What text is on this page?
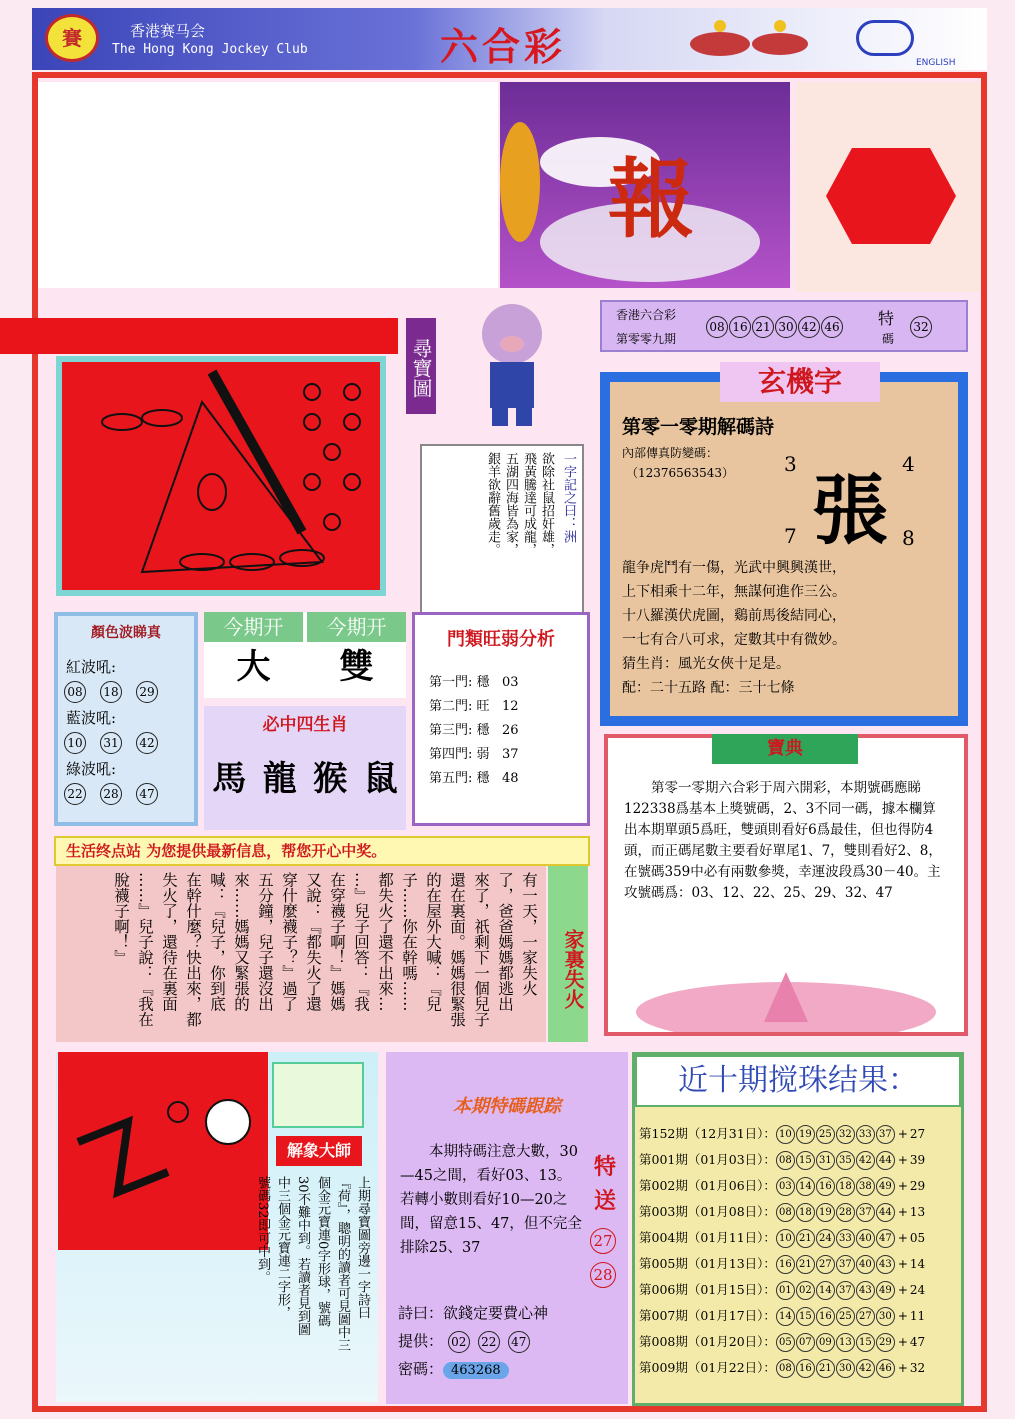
賽	香港赛马会
The Hong Kong Jockey Club	六合彩	ENGLISH
報
尋寶圖
一字記之曰：洲
欲除社鼠招奸雄，
飛黃騰達可成龍，
五湖四海皆為家，
銀羊欲辭舊歲走。
香港六合彩
第零零九期
08 16 21 30 42 46 特
碼
32
玄機字
第零一零期解碼詩
內部傳真防變碼：
（12376563543） 張
3	4
7	8
龍争虎鬥有一傷，光武中興興漢世，
上下相乘十二年，無謀何進作三公。
十八羅漢伏虎圖，鷄前馬後結同心，
一七有合八可求，定數其中有微妙。
猜生肖：風光女俠十足是。
配：二十五路 配：三十七條
顏色波睇真
紅波吼:
08 18 29
藍波吼:
10 31 42
綠波吼:
22 28 47
今期开
大
今期开
雙
必中四生肖
馬 龍 猴 鼠
門類旺弱分析
第一門: 穩 03
第二門: 旺 12
第三門: 穩 26
第四門: 弱 37
第五門: 穩 48
生活终点站 为您提供最新信息，帮您开心中奖。
有一天，一家失火
了，爸爸媽媽都逃出
來了，祇剩下一個兒子
還在裏面。媽媽很緊張
的在屋外大喊：『兒
子……你在幹嗎……
都失火了還不出來…
…』兒子回答：『我
在穿襪子啊！』媽媽
又說：『都失火了還
穿什麼襪子？』過了
五分鐘，兒子還沒出
來……媽媽又緊張的
喊：『兒子，你到底
在幹什麼？快出來，都
失火了，還待在裏面
……』兒子說：『我在
脫襪子啊！』
家裏失火
第零一零期六合彩于周六開彩，本期號碼應睇122338爲基本上獎號碼，2、3不同一碼，據本欄算出本期單頭5爲旺，雙頭則看好6爲最佳，但也得防4頭，而正碼尾數主要看好單尾1、7，雙則看好2、8，在號碼359中必有兩數參獎，幸運波段爲30－40。主攻號碼爲：03、12、22、25、29、32、47
寶典
解象大師
上期尋寶圖旁邊一字詩曰
『荷』，聰明的讀者可見圖中三
個金元寶連0字形球，號碼
30不難中到。若讀者見到圖
中三個金元寶連二字形，
號碼32即可中到。
本期特碼跟踪
本期特碼注意大數，30—45之間，看好03、13。若轉小數則看好10—20之間，留意15、47，但不完全排除25、37
特
送
27
28
詩曰：欲錢定要費心神
提供： 02 22 47
密碼： 463268
近十期搅珠结果：
第152期（12月31日）： 10 19 25 32 33 37 + 27
第001期（01月03日）： 08 15 31 35 42 44 + 39
第002期（01月06日）： 03 14 16 18 38 49 + 29
第003期（01月08日）： 08 18 19 28 37 44 + 13
第004期（01月11日）： 10 21 24 33 40 47 + 05
第005期（01月13日）： 16 21 27 37 40 43 + 14
第006期（01月15日）： 01 02 14 37 43 49 + 24
第007期（01月17日）： 14 15 16 25 27 30 + 11
第008期（01月20日）： 05 07 09 13 15 29 + 47
第009期（01月22日）： 08 16 21 30 42 46 + 32
